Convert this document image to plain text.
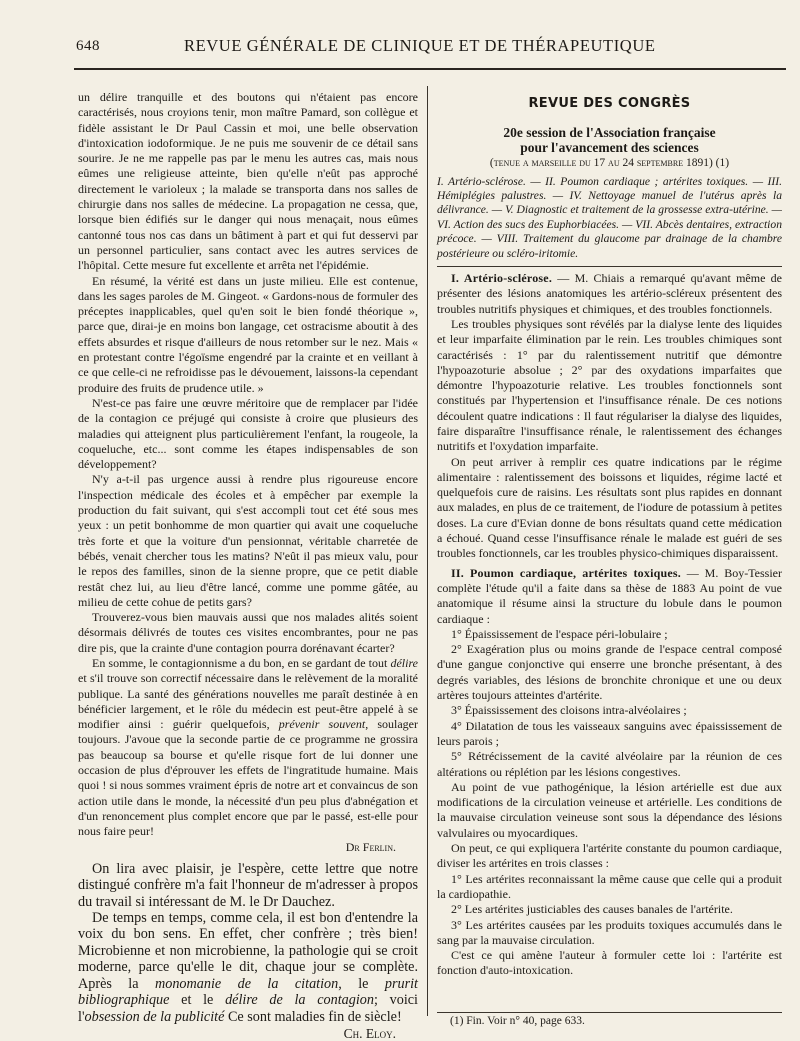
648	REVUE GÉNÉRALE DE CLINIQUE ET DE THÉRAPEUTIQUE

un délire tranquille et des boutons qui n'étaient pas encore caractérisés, nous croyions tenir, mon maître Pamard, son collègue et fidèle assistant le Dr Paul Cassin et moi, une belle observation d'intoxication iodoformique. Je ne puis me souvenir de ce détail sans sourire. Je ne me rappelle pas par le menu les autres cas, mais nous eûmes une religieuse atteinte, bien qu'elle n'eût pas approché directement le varioleux ; la malade se transporta dans nos salles de chirurgie dans nos salles de médecine. La propagation ne cessa, que, lorsque bien édifiés sur le danger qui nous menaçait, nous eûmes cantonné tous nos cas dans un bâtiment à part et qui fut desservi par un personnel particulier, sans contact avec les autres services de l'hôpital. Cette mesure fut excellente et arrêta net l'épidémie.

En résumé, la vérité est dans un juste milieu. Elle est contenue, dans les sages paroles de M. Gingeot. « Gardons-nous de formuler des préceptes inapplicables, quel qu'en soit le bien fondé théorique », parce que, dirai-je en moins bon langage, cet ostracisme aboutit à des effets absurdes et risque d'ailleurs de nous retomber sur le nez. Mais « en protestant contre l'égoïsme engendré par la crainte et en veillant à ce que celle-ci ne refroidisse pas le dévouement, laissons-la cependant produire des fruits de prudence utile. »

N'est-ce pas faire une œuvre méritoire que de remplacer par l'idée de la contagion ce préjugé qui consiste à croire que plusieurs des maladies qui atteignent plus particulièrement l'enfant, la rougeole, la coqueluche, etc... sont comme les étapes indispensables de son développement?

N'y a-t-il pas urgence aussi à rendre plus rigoureuse encore l'inspection médicale des écoles et à empêcher par exemple la production du fait suivant, qui s'est accompli tout cet été sous mes yeux : un petit bonhomme de mon quartier qui avait une coqueluche très forte et que la voiture d'un pensionnat, véritable charretée de bébés, venait chercher tous les matins? N'eût il pas mieux valu, pour le repos des familles, sinon de la sienne propre, que ce petit diable restât chez lui, au lieu d'être lancé, comme une pomme gâtée, au milieu de cette cohue de petits gars?

Trouverez-vous bien mauvais aussi que nos malades alités soient désormais délivrés de toutes ces visites encombrantes, pour ne pas dire pis, que la crainte d'une contagion pourra dorénavant écarter?

En somme, le contagionnisme a du bon, en se gardant de tout délire et s'il trouve son correctif nécessaire dans le relèvement de la moralité publique. La santé des générations nouvelles me paraît destinée à en bénéficier largement, et le rôle du médecin est peut-être appelé à se modifier ainsi : guérir quelquefois, prévenir souvent, soulager toujours. J'avoue que la seconde partie de ce programme ne grossira pas beaucoup sa bourse et qu'elle risque fort de lui donner une occasion de plus d'éprouver les effets de l'ingratitude humaine. Mais quoi ! si nous sommes vraiment épris de notre art et convaincus de son action utile dans le monde, la nécessité d'un peu plus d'abnégation et d'un renoncement plus complet encore que par le passé, est-elle pour nous faire peur!

Dr Ferlin.

On lira avec plaisir, je l'espère, cette lettre que notre distingué confrère m'a fait l'honneur de m'adresser à propos du travail si intéressant de M. le Dr Dauchez.

De temps en temps, comme cela, il est bon d'entendre la voix du bon sens. En effet, cher confrère ; très bien! Microbienne et non microbienne, la pathologie qui se croit moderne, parce qu'elle le dit, chaque jour se complète. Après la monomanie de la citation, le prurit bibliographique et le délire de la contagion; voici l'obsession de la publicité Ce sont maladies fin de siècle!

Ch. Eloy.

REVUE DES CONGRÈS
20e session de l'Association française
pour l'avancement des sciences
(tenue a marseille du 17 au 24 septembre 1891) (1)

I. Artério-sclérose. — II. Poumon cardiaque ; artérites toxiques. — III. Hémiplégies palustres. — IV. Nettoyage manuel de l'utérus après la délivrance. — V. Diagnostic et traitement de la grossesse extra-utérine. — VI. Action des sucs des Euphorbiacées. — VII. Abcès dentaires, extraction précoce. — VIII. Traitement du glaucome par drainage de la chambre postérieure ou scléro-iritomie.

I. Artério-sclérose. — M. Chiais a remarqué qu'avant même de présenter des lésions anatomiques les artério-scléreux présentent des troubles nutritifs physiques et chimiques, et des troubles fonctionnels.

Les troubles physiques sont révélés par la dialyse lente des liquides et leur imparfaite élimination par le rein. Les troubles chimiques sont caractérisés : 1° par du ralentissement nutritif que démontre l'hypoazoturie absolue ; 2° par des oxydations imparfaites que démontre l'hypoazoturie relative. Les troubles fonctionnels sont constitués par l'hypertension et l'insuffisance rénale. De ces notions découlent quatre indications : Il faut régulariser la dialyse des liquides, faire disparaître l'insuffisance rénale, le ralentissement des échanges nutritifs et l'oxydation imparfaite.

On peut arriver à remplir ces quatre indications par le régime alimentaire : ralentissement des boissons et liquides, régime lacté et quelquefois cure de raisins. Les résultats sont plus rapides en donnant aux malades, en plus de ce traitement, de l'iodure de potassium à petites doses. La cure d'Evian donne de bons résultats quand cette médication a échoué. Quand cesse l'insuffisance rénale le malade est guéri de ses troubles fonctionnels, car les troubles physico-chimiques disparaissent.

II. Poumon cardiaque, artérites toxiques. — M. Boy-Tessier complète l'étude qu'il a faite dans sa thèse de 1883 Au point de vue anatomique il résume ainsi la structure du lobule dans le poumon cardiaque :

1° Épaississement de l'espace péri-lobulaire ;

2° Exagération plus ou moins grande de l'espace central composé d'une gangue conjonctive qui enserre une bronche présentant, à des degrés variables, des lésions de bronchite chronique et une ou deux artères toujours atteintes d'artérite.

3° Épaississement des cloisons intra-alvéolaires ;

4° Dilatation de tous les vaisseaux sanguins avec épaississement de leurs parois ;

5° Rétrécissement de la cavité alvéolaire par la réunion de ces altérations ou réplétion par les lésions congestives.

Au point de vue pathogénique, la lésion artérielle est due aux modifications de la circulation veineuse et artérielle. Les conditions de la mauvaise circulation veineuse sont sous la dépendance des lésions valvulaires ou myocardiques.

On peut, ce qui expliquera l'artérite constante du poumon cardiaque, diviser les artérites en trois classes :

1° Les artérites reconnaissant la même cause que celle qui a produit la cardiopathie.

2° Les artérites justiciables des causes banales de l'artérite.

3° Les artérites causées par les produits toxiques accumulés dans le sang par la mauvaise circulation.

C'est ce qui amène l'auteur à formuler cette loi : l'artérite est fonction d'auto-intoxication.

(1) Fin. Voir n° 40, page 633.
